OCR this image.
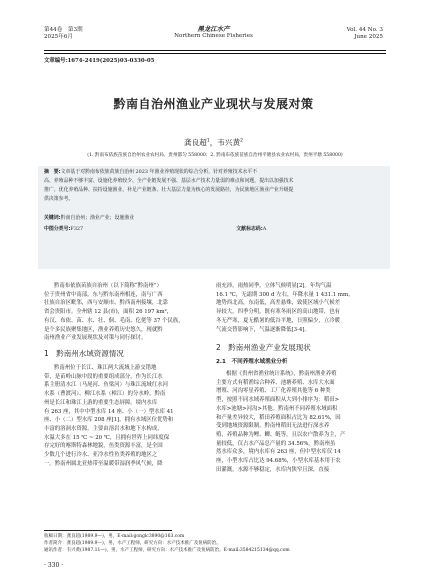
第44卷　第3期
2025年6月
黑龙江水产
Northern Chinese Fisheries
Vol. 44 No. 3
June 2025
文章编号:1674-2419(2025)03-0330-05
黔南自治州渔业产业现状与发展对策
龚良超$^1$，韦兴黄$^2$
(1. 黔南布依族苗族自治州农业农村局，贵州都匀 558000；2. 黔南布依族苗族自治州平塘县农业农村局，贵州平塘 558000)
摘　要:文章基于对黔南布依族苗族自治州 2023 年渔业养殖现状的综合分析，针对养殖技术水平不
高、养殖品种不够丰富、设施化养殖较少、全产业链发展不强、基层水产技术力量弱的难点和问题，提出以加强技术
推广、优化养殖品种、扶持设施渔业、补足产业链条、壮大基层力量为核心的发展路径，为民族地区渔业产业升级提
供决策参考。
关键词:黔南自治州；渔业产业；设施渔业
中图分类号:F327	文献标志码:A
黔南布依族苗族自治州（以下简称“黔南州”）
位于贵州省中南部，东与黔东南州相连，南与广西
壮族自治区毗邻，西与安顺市、黔西南州接壤，北靠
省会贵阳市。全州辖 12 县(市)，面积 26 197 km²，
有汉、布依、苗、水、壮、侗、毛南、仡佬等 37 个民族，
是个多民族聚集地区，渔业养殖历史悠久，现就黔
南州渔业产业发展现状及对策与同行探讨。
1　黔南州水域资源情况
黔南州位于长江、珠江两大流域上游交错地
带，是苗岭山脉中段的重要组成部分。作为长江水
系主册清水江（马尾河、鱼梁河）与珠江流域红水河
水系（曹渡河）、柳江水系（樟江）的分水岭，黔南
州是长江和珠江上游的重要生态屏障。境内水库
有 263 座，其中中型水库 14 座、小（一）型水库 41
座、小（二）型水库 208 座[1]。拥有水域区位优势和
丰富的溶洞水资源，主要由溶岩水和地下水构成，
水温大多在 15 ℃ ~ 20 ℃，且拥有世界上同纬度保
存完好的喀斯特森林地貌，鱼类资源丰富，是全国
少数几个进行冷水、亚冷水性鱼类养殖的地区之
一。黔南州属北亚热带至温暖带湿润季风气候，降
雨充沛，雨热同季，立体气候明显[2]。年均气温
16.1 ℃，无霜期 300 d 左右，年降水量 1 431.1 mm。
地势西北高，东南低，高差悬殊，致使区域小气候差
异较大，四季分明，既有寒冬雨区的高山地带，也有
冬无严寒，夏无酷暑的低谷平地，日照偏少，立冷暖
气流交替影响下，气温逐渐降低[3-4]。
2　黔南州渔业产业发展现状
2.1　不同养殖水域渔业分析
根据《贵州省渔业统计系统》，黔南州渔业养殖
主要方式有稻渔综合种养、池塘养殖、水库大水面
增殖、河沟零星养殖、工厂化养殖其他等 6 种类
型，按照不同水域养殖面积从大到小排序为：稻田>
水库>池塘>河沟>其他。黔南州不同养殖水域面积
和产量差异较大，稻田养殖面积占比为 82.61%，因
受到地域资源限制，黔南州稻田无法进行深水养
殖，养殖品种为鲤、鲫、鲢等，且以农户散养为主，产
量较低，仅占水产品总产量的 34.56%。黔南州虽
然水库众多，境内水库有 263 座，但中型水库仅 14
座，小型水库占比达 94.68%，小型水库基本用于农
田灌溉，水源不够稳定，水库内狭窄且深，直接
收稿日期：龚良超(1989.9—)，男，E-mail:gonglc3890@163.com
作者简介：龚良超(1989.9—)，男，水产工程师，研究方向：水产技术推广及鱼病防治。
通讯作者：韦兴黄(1987.11—)，男，水产工程师，研究方向：水产技术推广及鱼病防治。E-mail:3584215134@qq.com
· 330 ·
